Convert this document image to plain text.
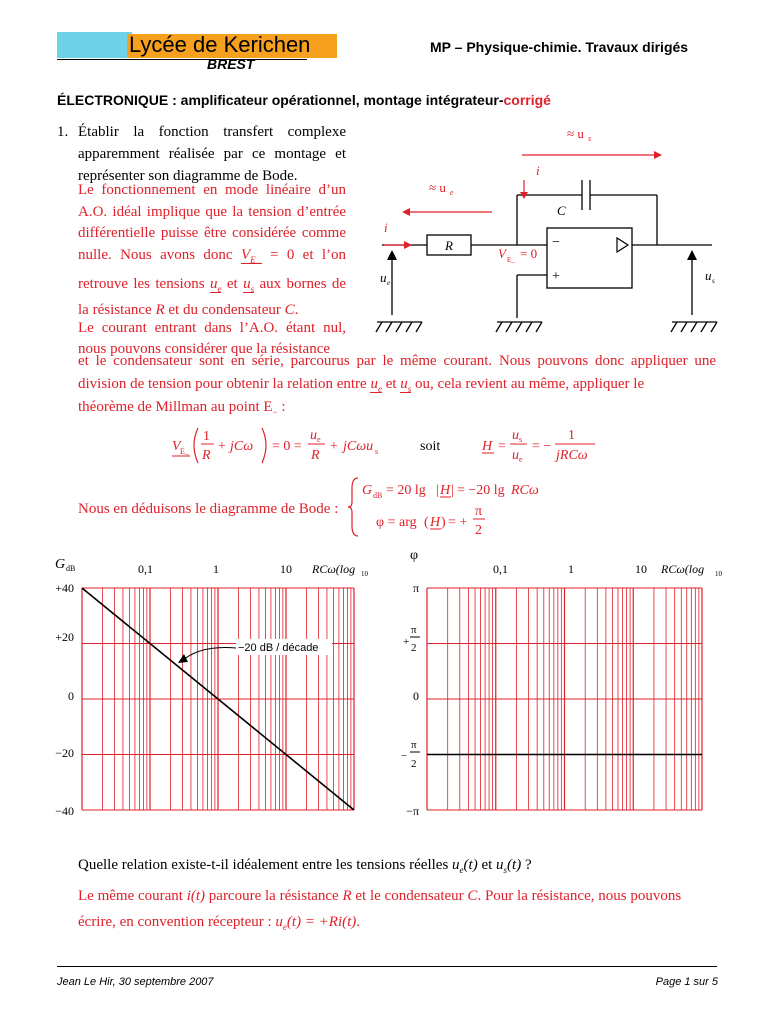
Lycée de Kerichen
BREST
MP – Physique-chimie. Travaux dirigés
ÉLECTRONIQUE : amplificateur opérationnel, montage intégrateur-corrigé
1. Établir la fonction transfert complexe apparemment réalisée par ce montage et représenter son diagramme de Bode.
Le fonctionnement en mode linéaire d’un A.O. idéal implique que la tension d’entrée différentielle puisse être considérée comme nulle. Nous avons donc $V_{E_-} = 0$ et l’on retrouve les tensions $u_e$ et $u_s$ aux bornes de la résistance R et du condensateur C.
Le courant entrant dans l’A.O. étant nul, nous pouvons considérer que la résistance
≈ u s
≈ u e
i
i
C
R
V E_ = 0
−
+
u e	u s
et le condensateur sont en série, parcourus par le même courant. Nous pouvons donc appliquer une division de tension pour obtenir la relation entre $u_e$ et $u_s$ ou, cela revient au même, appliquer le
théorème de Millman au point $E_-$ :
V E_
1
R
+ jCω = 0 =
u e
R
+ jCωu s	soit	H =
u s
u e
= −
1
jRCω
Nous en déduisons le diagramme de Bode :
G dB = 20 lg | H | = −20 lg RCω
φ = arg ( H ) = +
π
2
G dB	0,1	1	10 RCω(log 10
+40
+20
0
−20
−40
−20 dB / décade
φ
0,1	1	10 RCω(log 10
π
0
−π
+
π
2
−
π
2
Quelle relation existe-t-il idéalement entre les tensions réelles $u_e(t)$ et $u_s(t)$ ?
Le même courant i(t) parcoure la résistance R et le condensateur C. Pour la résistance, nous pouvons
écrire, en convention récepteur : $u_e(t) = +Ri(t)$.
Jean Le Hir, 30 septembre 2007	Page 1 sur 5
